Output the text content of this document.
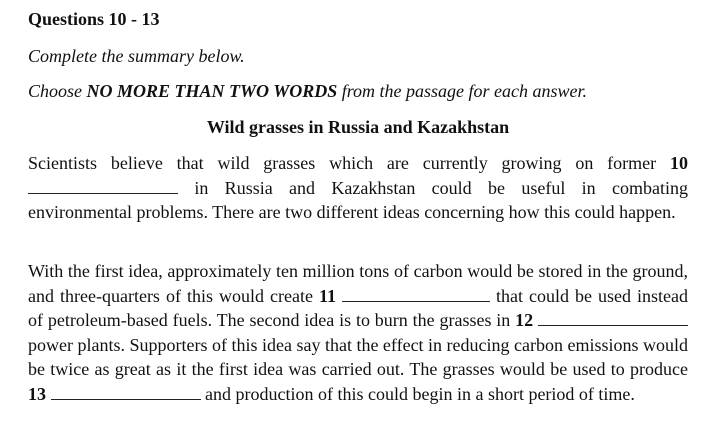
Questions 10 - 13
Complete the summary below.
Choose NO MORE THAN TWO WORDS from the passage for each answer.
Wild grasses in Russia and Kazakhstan
Scientists believe that wild grasses which are currently growing on former 10  in Russia and Kazakhstan could be useful in combating environmental problems. There are two different ideas concerning how this could happen.
With the first idea, approximately ten million tons of carbon would be stored in the ground, and three-quarters of this would create 11	that could be used instead of petroleum-based fuels. The second idea is to burn the grasses in 12  power plants. Supporters of this idea say that the effect in reducing carbon emissions would be twice as great as it the first idea was carried out. The grasses would be used to produce 13	and production of this could begin in a short period of time.
